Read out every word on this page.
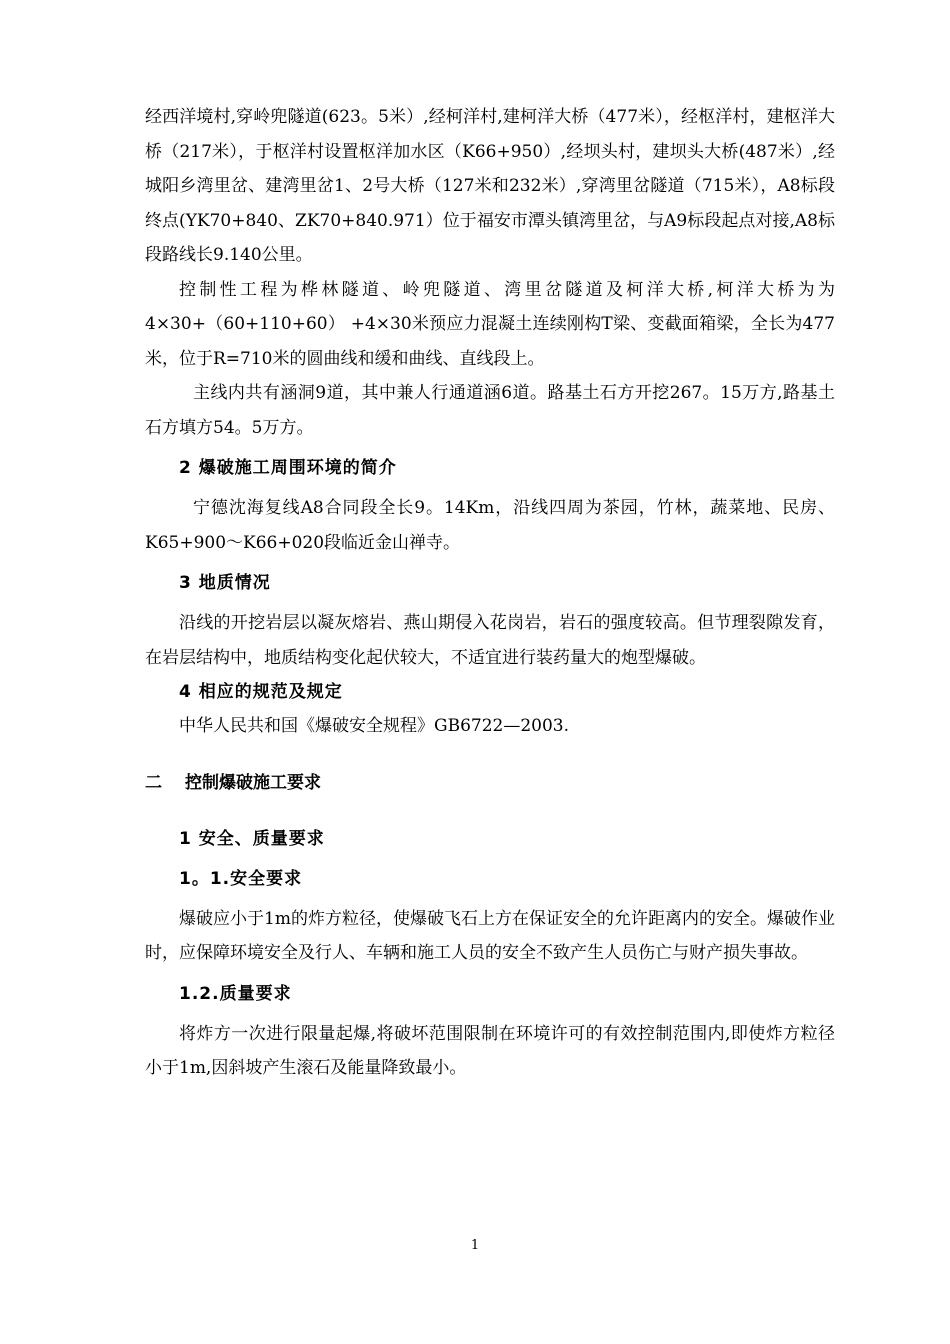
经西洋境村,穿岭兜隧道(623。5米）,经柯洋村,建柯洋大桥（477米），经枢洋村，建枢洋大桥（217米），于枢洋村设置枢洋加水区（K66+950）,经坝头村，建坝头大桥(487米）,经城阳乡湾里岔、建湾里岔1、2号大桥（127米和232米）,穿湾里岔隧道（715米），A8标段终点(YK70+840、ZK70+840.971）位于福安市潭头镇湾里岔，与A9标段起点对接,A8标段路线长9.140公里。

控制性工程为桦林隧道、岭兜隧道、湾里岔隧道及柯洋大桥,柯洋大桥为为4×30+（60+110+60） +4×30米预应力混凝土连续刚构T梁、变截面箱梁，全长为477米，位于R=710米的圆曲线和缓和曲线、直线段上。

主线内共有涵洞9道，其中兼人行通道涵6道。路基土石方开挖267。15万方,路基土石方填方54。5万方。

2 爆破施工周围环境的简介

宁德沈海复线A8合同段全长9。14Km，沿线四周为茶园，竹林，蔬菜地、民房、K65+900～K66+020段临近金山禅寺。

3 地质情况

沿线的开挖岩层以凝灰熔岩、燕山期侵入花岗岩，岩石的强度较高。但节理裂隙发育，在岩层结构中，地质结构变化起伏较大，不适宜进行装药量大的炮型爆破。

4 相应的规范及规定

中华人民共和国《爆破安全规程》GB6722—2003.

二 控制爆破施工要求
1 安全、质量要求
1。1.安全要求

爆破应小于1m的炸方粒径，使爆破飞石上方在保证安全的允许距离内的安全。爆破作业时，应保障环境安全及行人、车辆和施工人员的安全不致产生人员伤亡与财产损失事故。

1.2.质量要求

将炸方一次进行限量起爆,将破坏范围限制在环境许可的有效控制范围内,即使炸方粒径小于1m,因斜坡产生滚石及能量降致最小。

1
